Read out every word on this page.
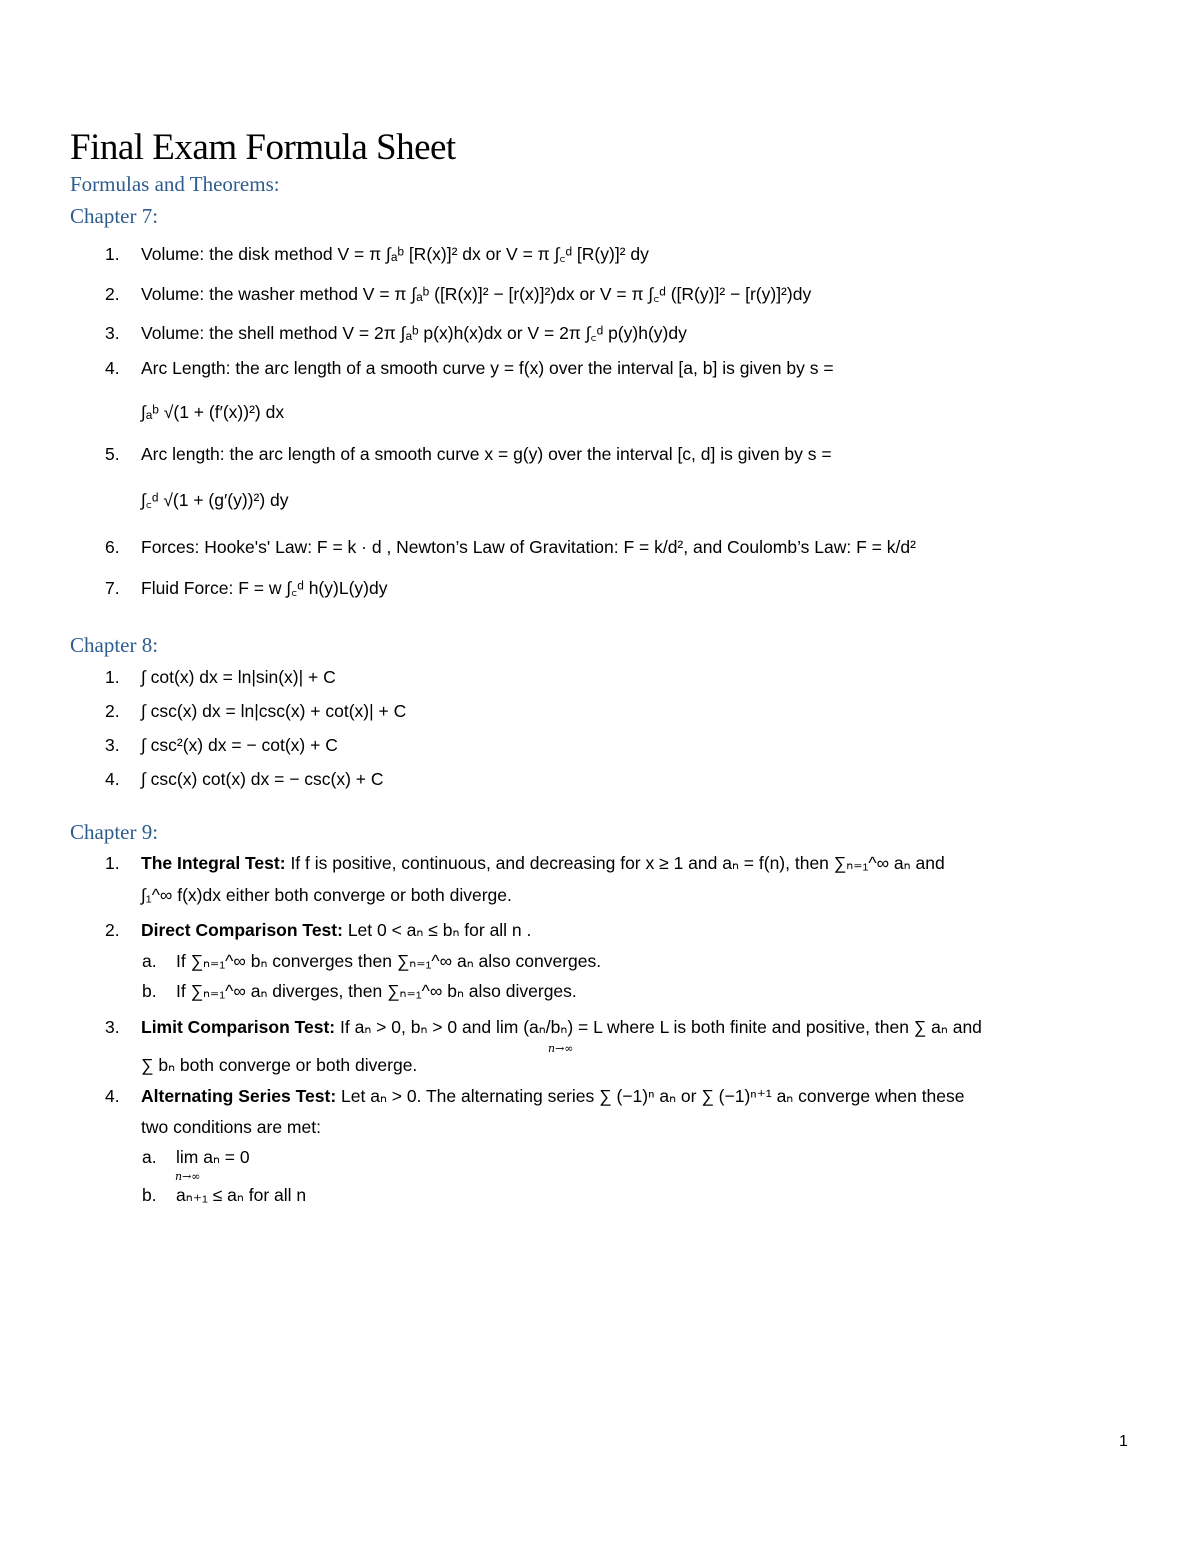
Final Exam Formula Sheet
Formulas and Theorems:
Chapter 7:
1.	Volume: the disk method V = π ∫ₐᵇ [R(x)]² dx or V = π ∫꜀ᵈ [R(y)]² dy
2.	Volume: the washer method V = π ∫ₐᵇ ([R(x)]² − [r(x)]²)dx or V = π ∫꜀ᵈ ([R(y)]² − [r(y)]²)dy
3.	Volume: the shell method V = 2π ∫ₐᵇ p(x)h(x)dx or V = 2π ∫꜀ᵈ p(y)h(y)dy
4.	Arc Length: the arc length of a smooth curve y = f(x) over the interval [a, b] is given by s =
∫ₐᵇ √(1 + (f′(x))²) dx
5.	Arc length: the arc length of a smooth curve x = g(y) over the interval [c, d] is given by s =
∫꜀ᵈ √(1 + (g′(y))²) dy
6.	Forces: Hooke's' Law: F = k · d , Newton’s Law of Gravitation: F = k/d², and Coulomb’s Law: F = k/d²
7.	Fluid Force: F = w ∫꜀ᵈ h(y)L(y)dy
Chapter 8:
1.	∫ cot(x) dx = ln|sin(x)| + C
2.	∫ csc(x) dx = ln|csc(x) + cot(x)| + C
3.	∫ csc²(x) dx = − cot(x) + C
4.	∫ csc(x) cot(x) dx = − csc(x) + C
Chapter 9:
1.	The Integral Test: If f is positive, continuous, and decreasing for x ≥ 1 and aₙ = f(n), then ∑ₙ₌₁^∞ aₙ and
∫₁^∞ f(x)dx either both converge or both diverge.
2.	Direct Comparison Test: Let 0 < aₙ ≤ bₙ for all n .
a. If ∑ₙ₌₁^∞ bₙ converges then ∑ₙ₌₁^∞ aₙ also converges.
b. If ∑ₙ₌₁^∞ aₙ diverges, then ∑ₙ₌₁^∞ bₙ also diverges.
3.	Limit Comparison Test: If aₙ > 0, bₙ > 0 and lim (aₙ/bₙ) = L where L is both finite and positive, then ∑ aₙ and
n→∞
∑ bₙ both converge or both diverge.
4.	Alternating Series Test: Let aₙ > 0. The alternating series ∑ (−1)ⁿ aₙ or ∑ (−1)ⁿ⁺¹ aₙ converge when these
two conditions are met:
a. lim aₙ = 0
n→∞
b. aₙ₊₁ ≤ aₙ for all n
1
